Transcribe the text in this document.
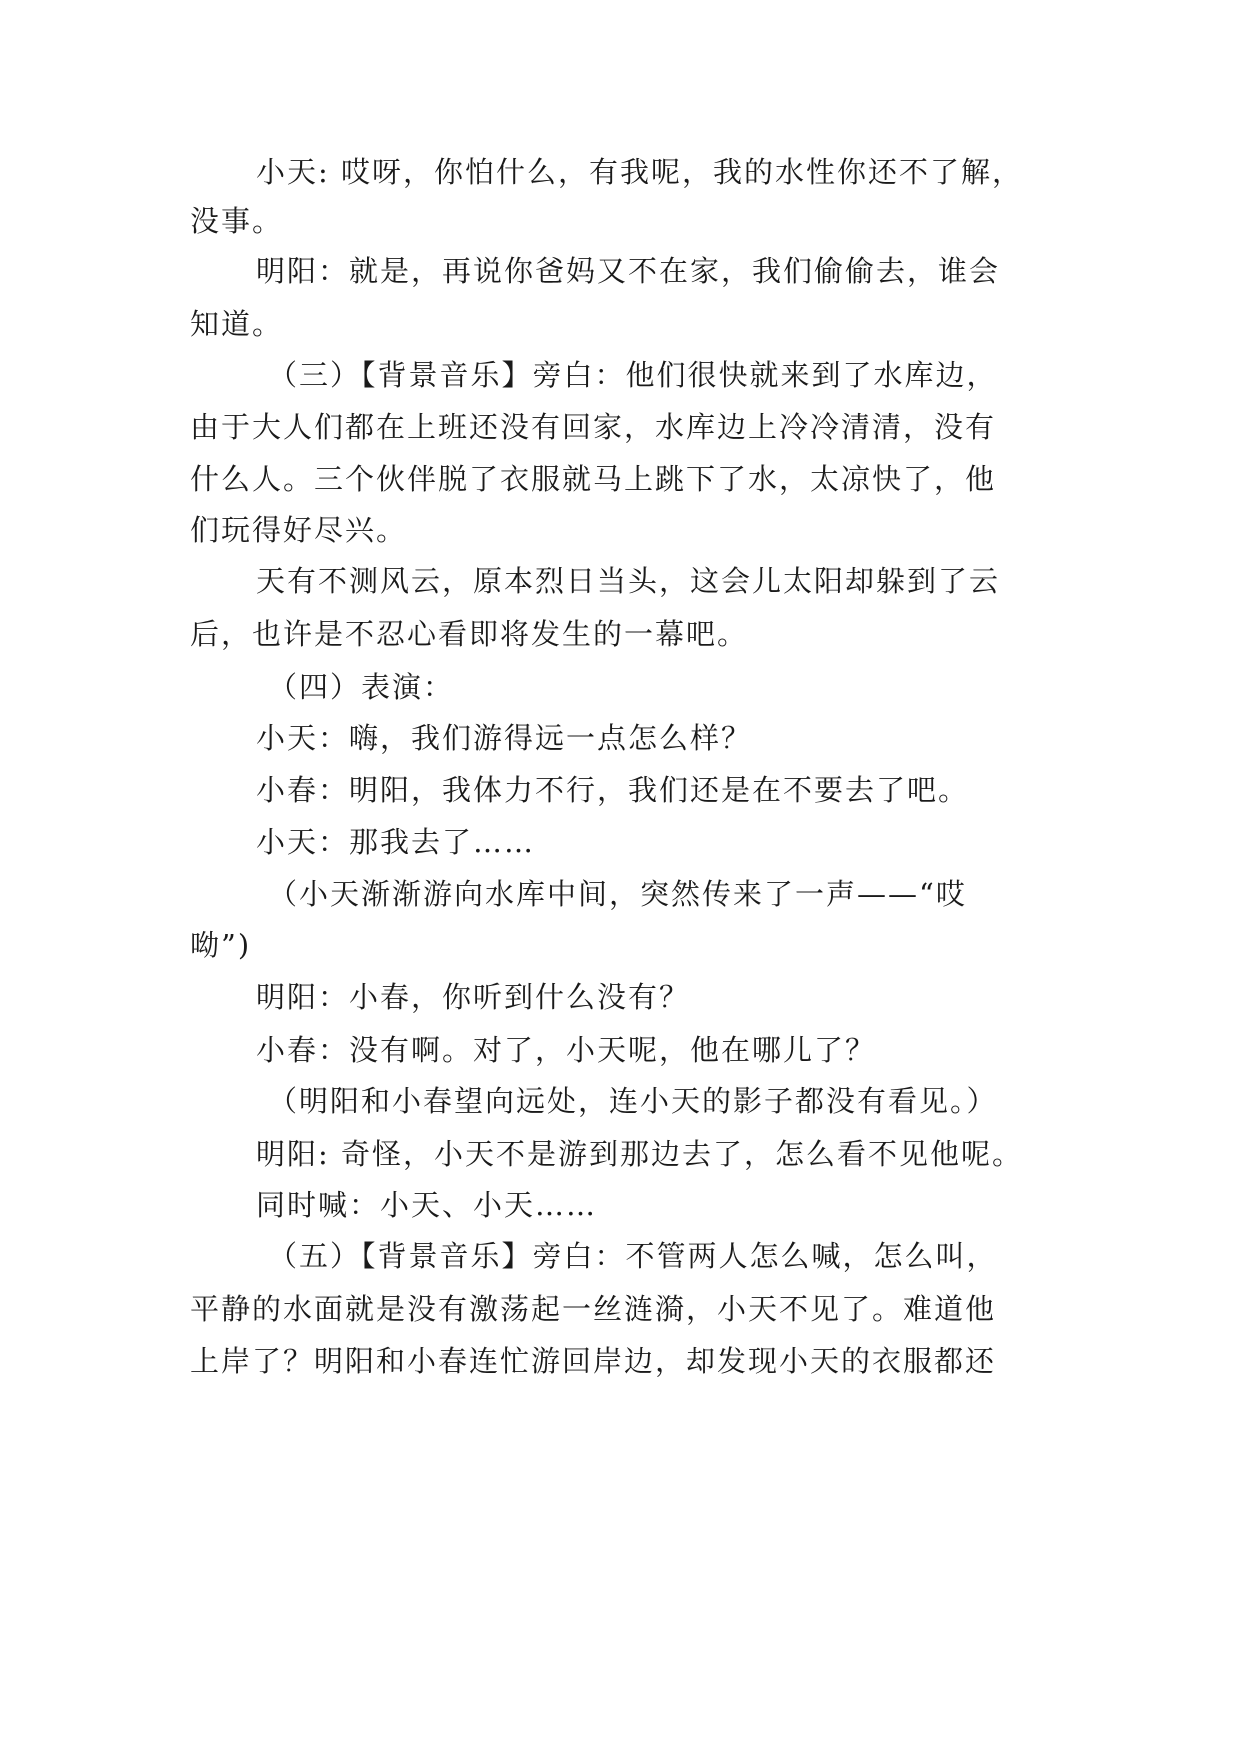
小天: 哎呀，你怕什么，有我呢，我的水性你还不了解，
没事。
明阳：就是，再说你爸妈又不在家，我们偷偷去，谁会
知道。
（三）【背景音乐】旁白：他们很快就来到了水库边，
由于大人们都在上班还没有回家，水库边上冷冷清清，没有
什么人。三个伙伴脱了衣服就马上跳下了水，太凉快了，他
们玩得好尽兴。
天有不测风云，原本烈日当头，这会儿太阳却躲到了云
后，也许是不忍心看即将发生的一幕吧。
（四）表演：
小天：嗨，我们游得远一点怎么样？
小春：明阳，我体力不行，我们还是在不要去了吧。
小天：那我去了……
（小天渐渐游向水库中间，突然传来了一声——“哎
呦”)
明阳：小春，你听到什么没有？
小春：没有啊。对了，小天呢，他在哪儿了？
（明阳和小春望向远处，连小天的影子都没有看见。）
明阳: 奇怪，小天不是游到那边去了，怎么看不见他呢。
同时喊：小天、小天……
（五）【背景音乐】旁白：不管两人怎么喊，怎么叫，
平静的水面就是没有激荡起一丝涟漪，小天不见了。难道他
上岸了？明阳和小春连忙游回岸边，却发现小天的衣服都还
